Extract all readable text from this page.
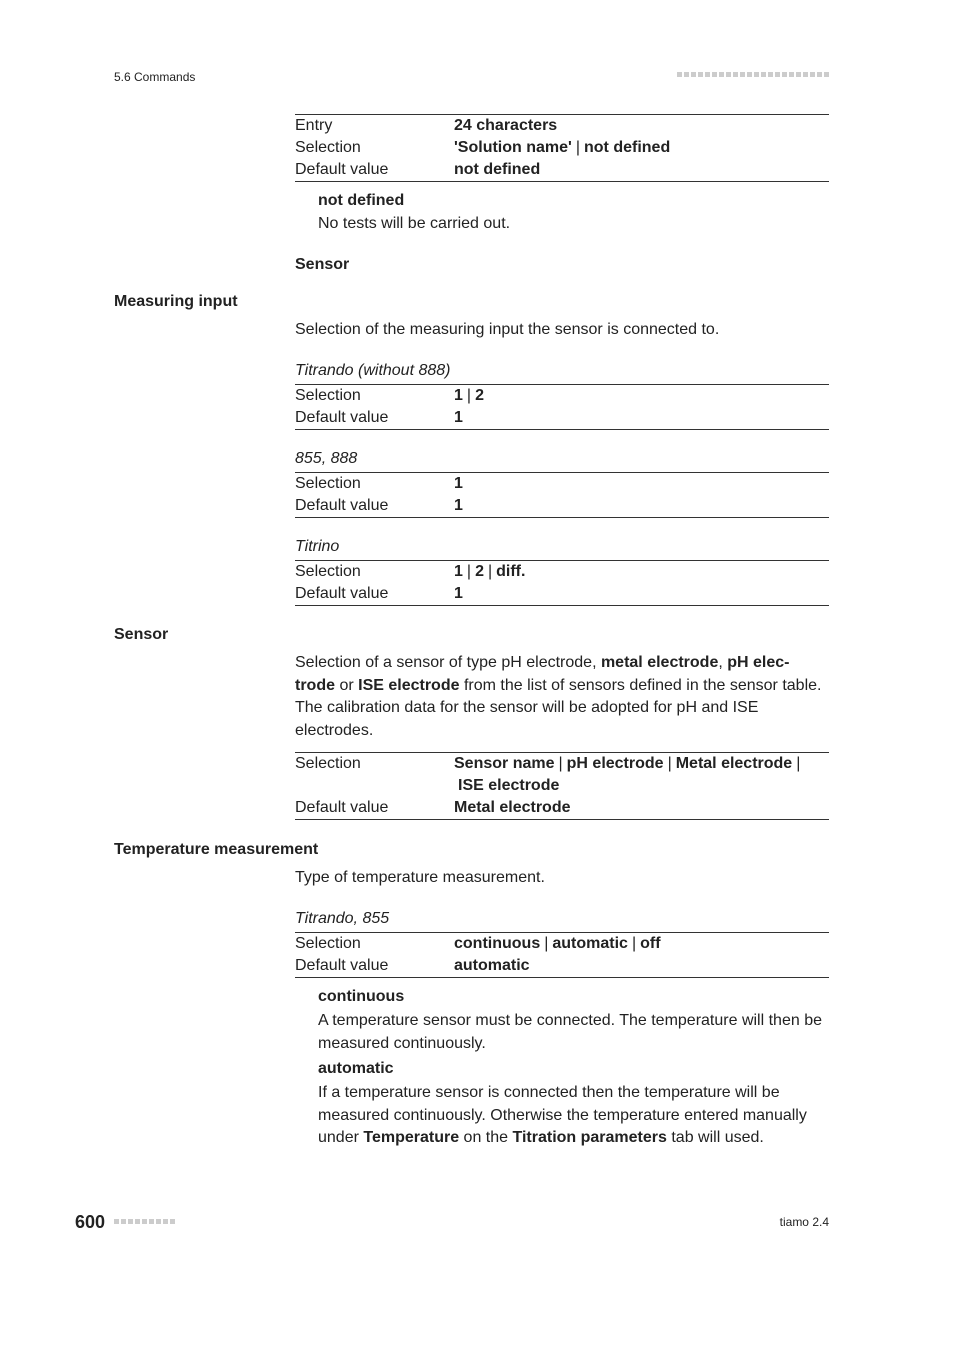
5.6 Commands
Entry	24 characters
Selection	'Solution name' | not defined
Default value	not defined
not defined
No tests will be carried out.
Sensor
Measuring input
Selection of the measuring input the sensor is connected to.
Titrando (without 888)
Selection	1 | 2
Default value	1
855, 888
Selection	1
Default value	1
Titrino
Selection	1 | 2 | diff.
Default value	1
Sensor
Selection of a sensor of type pH electrode, metal electrode, pH elec-trode or ISE electrode from the list of sensors defined in the sensor table. The calibration data for the sensor will be adopted for pH and ISE electrodes.
Selection	Sensor name | pH electrode | Metal electrode |
ISE electrode
Default value	Metal electrode
Temperature measurement
Type of temperature measurement.
Titrando, 855
Selection	continuous | automatic | off
Default value	automatic
continuous
A temperature sensor must be connected. The temperature will then be measured continuously.
automatic
If a temperature sensor is connected then the temperature will be measured continuously. Otherwise the temperature entered manually under Temperature on the Titration parameters tab will used.
600	tiamo 2.4
